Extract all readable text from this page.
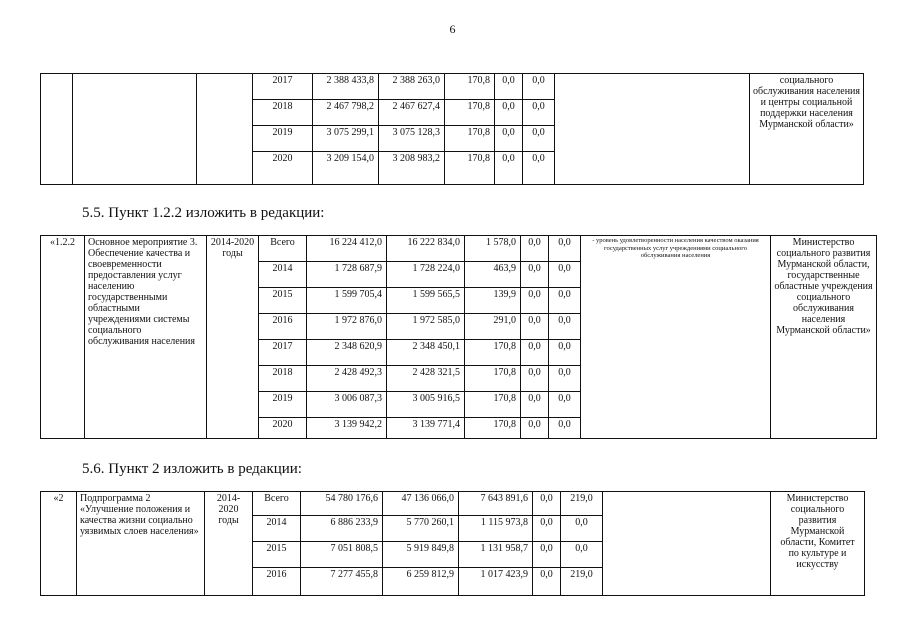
6
			2017	2 388 433,8	2 388 263,0	170,8	0,0	0,0		социального обслуживания населения и центры социальной поддержки населения Мурманской области»
			2018	2 467 798,2	2 467 627,4	170,8	0,0	0,0		
			2019	3 075 299,1	3 075 128,3	170,8	0,0	0,0		
			2020	3 209 154,0	3 208 983,2	170,8	0,0	0,0		
5.5. Пункт 1.2.2 изложить в редакции:
«1.2.2	Основное мероприятие 3. Обеспечение качества и своевременности предоставления услуг населению государственными областными учреждениями системы социального обслуживания населения	2014-2020 годы	Всего	16 224 412,0	16 222 834,0	1 578,0	0,0	0,0	- уровень удовлетворенности населения качеством оказания государственных услуг учреждениями социального обслуживания населения	Министерство социального развития Мурманской области, государственные областные учреждения социального обслуживания населения Мурманской области»
			2014	1 728 687,9	1 728 224,0	463,9	0,0	0,0		
			2015	1 599 705,4	1 599 565,5	139,9	0,0	0,0		
			2016	1 972 876,0	1 972 585,0	291,0	0,0	0,0		
			2017	2 348 620,9	2 348 450,1	170,8	0,0	0,0		
			2018	2 428 492,3	2 428 321,5	170,8	0,0	0,0		
			2019	3 006 087,3	3 005 916,5	170,8	0,0	0,0		
			2020	3 139 942,2	3 139 771,4	170,8	0,0	0,0		
5.6. Пункт 2 изложить в редакции:
«2	Подпрограмма 2 «Улучшение положения и качества жизни социально уязвимых слоев населения»	2014-2020 годы	Всего	54 780 176,6	47 136 066,0	7 643 891,6	0,0	219,0		Министерство социального развития Мурманской области, Комитет по культуре и искусству
			2014	6 886 233,9	5 770 260,1	1 115 973,8	0,0	0,0		
			2015	7 051 808,5	5 919 849,8	1 131 958,7	0,0	0,0		
			2016	7 277 455,8	6 259 812,9	1 017 423,9	0,0	219,0		
